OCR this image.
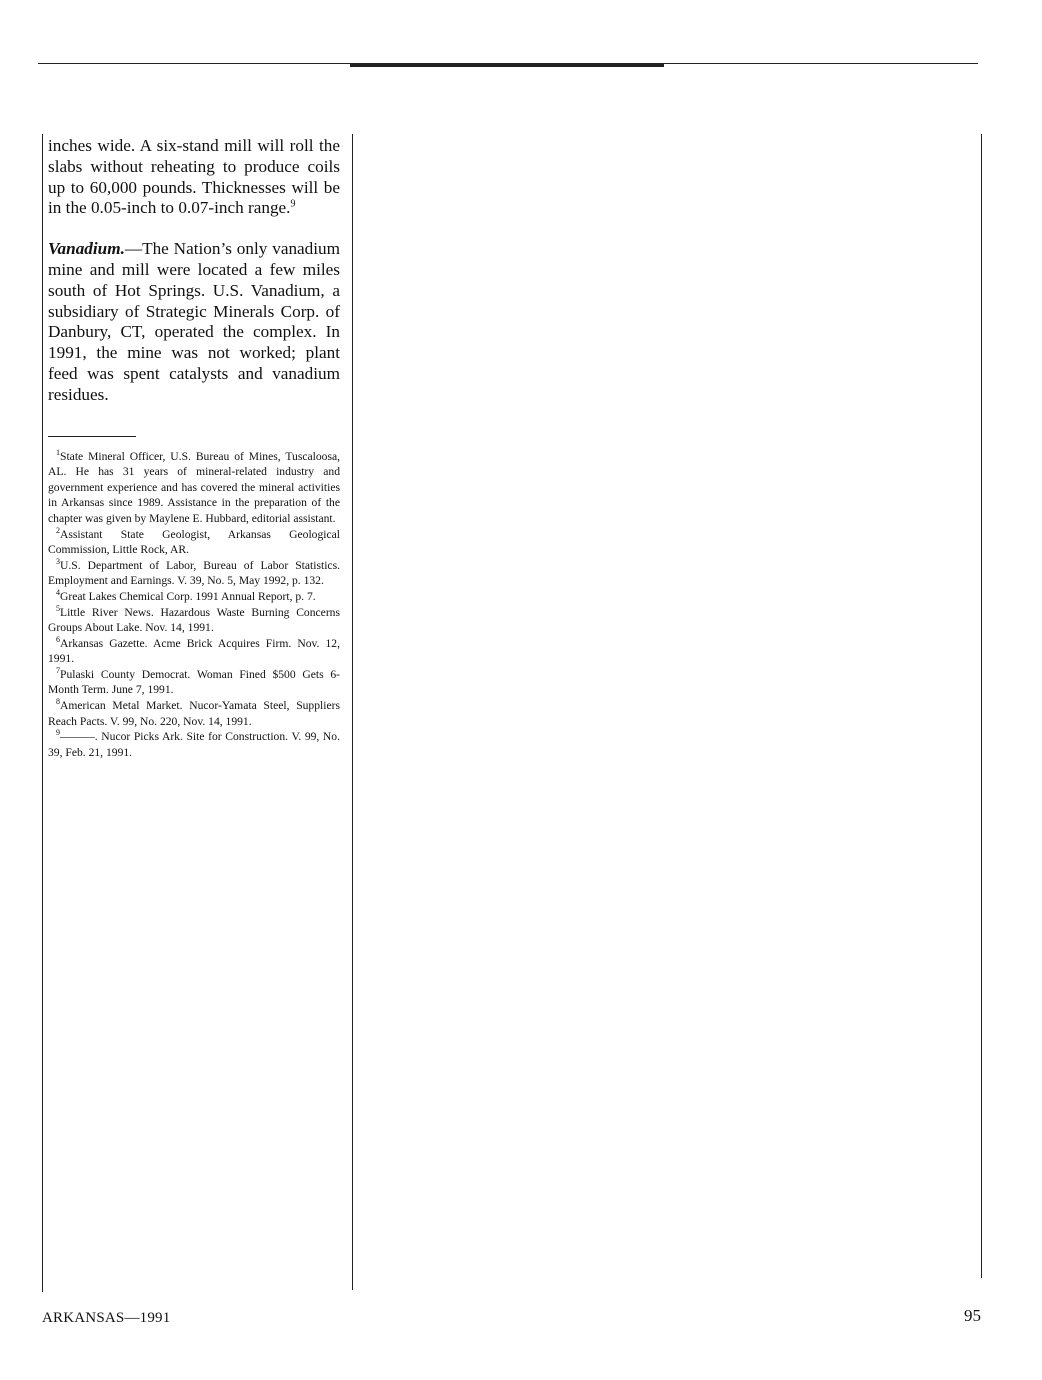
inches wide. A six-stand mill will roll the slabs without reheating to produce coils up to 60,000 pounds. Thicknesses will be in the 0.05-inch to 0.07-inch range.$^9$

Vanadium.—The Nation’s only vanadium mine and mill were located a few miles south of Hot Springs. U.S. Vanadium, a subsidiary of Strategic Minerals Corp. of Danbury, CT, operated the complex. In 1991, the mine was not worked; plant feed was spent catalysts and vanadium residues.

$^1$State Mineral Officer, U.S. Bureau of Mines, Tuscaloosa, AL. He has 31 years of mineral-related industry and government experience and has covered the mineral activities in Arkansas since 1989. Assistance in the preparation of the chapter was given by Maylene E. Hubbard, editorial assistant.

$^2$Assistant State Geologist, Arkansas Geological Commission, Little Rock, AR.

$^3$U.S. Department of Labor, Bureau of Labor Statistics. Employment and Earnings. V. 39, No. 5, May 1992, p. 132.

$^4$Great Lakes Chemical Corp. 1991 Annual Report, p. 7.

$^5$Little River News. Hazardous Waste Burning Concerns Groups About Lake. Nov. 14, 1991.

$^6$Arkansas Gazette. Acme Brick Acquires Firm. Nov. 12, 1991.

$^7$Pulaski County Democrat. Woman Fined $500 Gets 6-Month Term. June 7, 1991.

$^8$American Metal Market. Nucor-Yamata Steel, Suppliers Reach Pacts. V. 99, No. 220, Nov. 14, 1991.

$^9$———. Nucor Picks Ark. Site for Construction. V. 99, No. 39, Feb. 21, 1991.

ARKANSAS—1991	95
